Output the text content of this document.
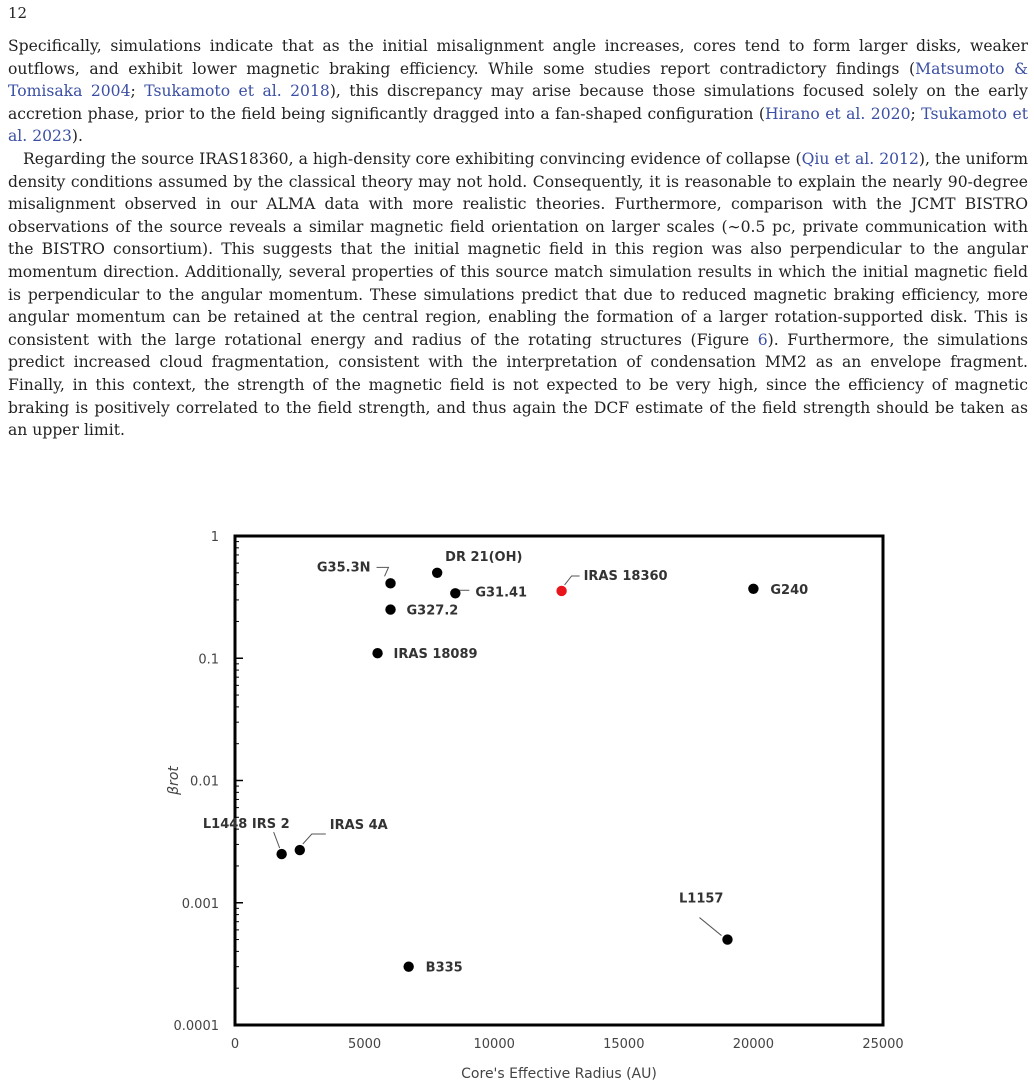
12

Specifically, simulations indicate that as the initial misalignment angle increases, cores tend to form larger disks, weaker outflows, and exhibit lower magnetic braking efficiency. While some studies report contradictory findings (Matsumoto & Tomisaka 2004; Tsukamoto et al. 2018), this discrepancy may arise because those simulations focused solely on the early accretion phase, prior to the field being significantly dragged into a fan-shaped configuration (Hirano et al. 2020; Tsukamoto et al. 2023).

Regarding the source IRAS18360, a high-density core exhibiting convincing evidence of collapse (Qiu et al. 2012), the uniform density conditions assumed by the classical theory may not hold. Consequently, it is reasonable to explain the nearly 90-degree misalignment observed in our ALMA data with more realistic theories. Furthermore, comparison with the JCMT BISTRO observations of the source reveals a similar magnetic field orientation on larger scales (∼0.5 pc, private communication with the BISTRO consortium). This suggests that the initial magnetic field in this region was also perpendicular to the angular momentum direction. Additionally, several properties of this source match simulation results in which the initial magnetic field is perpendicular to the angular momentum. These simulations predict that due to reduced magnetic braking efficiency, more angular momentum can be retained at the central region, enabling the formation of a larger rotation-supported disk. This is consistent with the large rotational energy and radius of the rotating structures (Figure 6). Furthermore, the simulations predict increased cloud fragmentation, consistent with the interpretation of condensation MM2 as an envelope fragment. Finally, in this context, the strength of the magnetic field is not expected to be very high, since the efficiency of magnetic braking is positively correlated to the field strength, and thus again the DCF estimate of the field strength should be taken as an upper limit.

0	5000	10000	15000	20000	25000
0.0001
0.001
0.01
0.1
1
Core's Effective Radius (AU)
βrot
G35.3N
DR 21(OH)
G31.41
IRAS 18360
G240
G327.2
IRAS 18089
L1448 IRS 2	IRAS 4A
L1157
B335
